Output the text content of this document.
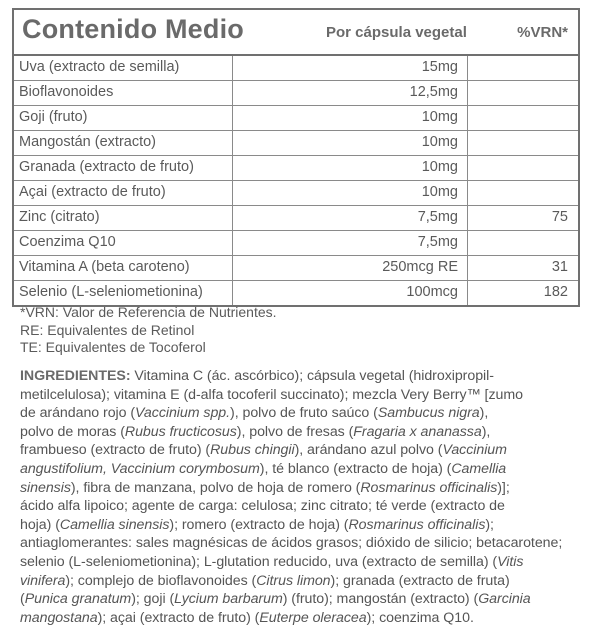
Contenido Medio	Por cápsula vegetal	%VRN*
Uva (extracto de semilla)	15mg
Bioflavonoides	12,5mg
Goji (fruto)	10mg
Mangostán (extracto)	10mg
Granada (extracto de fruto)	10mg
Açai (extracto de fruto)	10mg
Zinc (citrato)	7,5mg	75
Coenzima Q10	7,5mg
Vitamina A (beta caroteno)	250mcg RE	31
Selenio (L-seleniometionina)	100mcg	182
*VRN: Valor de Referencia de Nutrientes.
RE: Equivalentes de Retinol
TE: Equivalentes de Tocoferol
INGREDIENTES: Vitamina C (ác. ascórbico); cápsula vegetal (hidroxipropil-
metilcelulosa); vitamina E (d-alfa tocoferil succinato); mezcla Very Berry™ [zumo
de arándano rojo (Vaccinium spp.), polvo de fruto saúco (Sambucus nigra),
polvo de moras (Rubus fructicosus), polvo de fresas (Fragaria x ananassa),
frambueso (extracto de fruto) (Rubus chingii), arándano azul polvo (Vaccinium
angustifolium, Vaccinium corymbosum), té blanco (extracto de hoja) (Camellia
sinensis), fibra de manzana, polvo de hoja de romero (Rosmarinus officinalis)];
ácido alfa lipoico; agente de carga: celulosa; zinc citrato; té verde (extracto de
hoja) (Camellia sinensis); romero (extracto de hoja) (Rosmarinus officinalis);
antiaglomerantes: sales magnésicas de ácidos grasos; dióxido de silicio; betacarotene;
selenio (L-seleniometionina); L-glutation reducido, uva (extracto de semilla) (Vitis
vinifera); complejo de bioflavonoides (Citrus limon); granada (extracto de fruta)
(Punica granatum); goji (Lycium barbarum) (fruto); mangostán (extracto) (Garcinia
mangostana); açai (extracto de fruto) (Euterpe oleracea); coenzima Q10.
